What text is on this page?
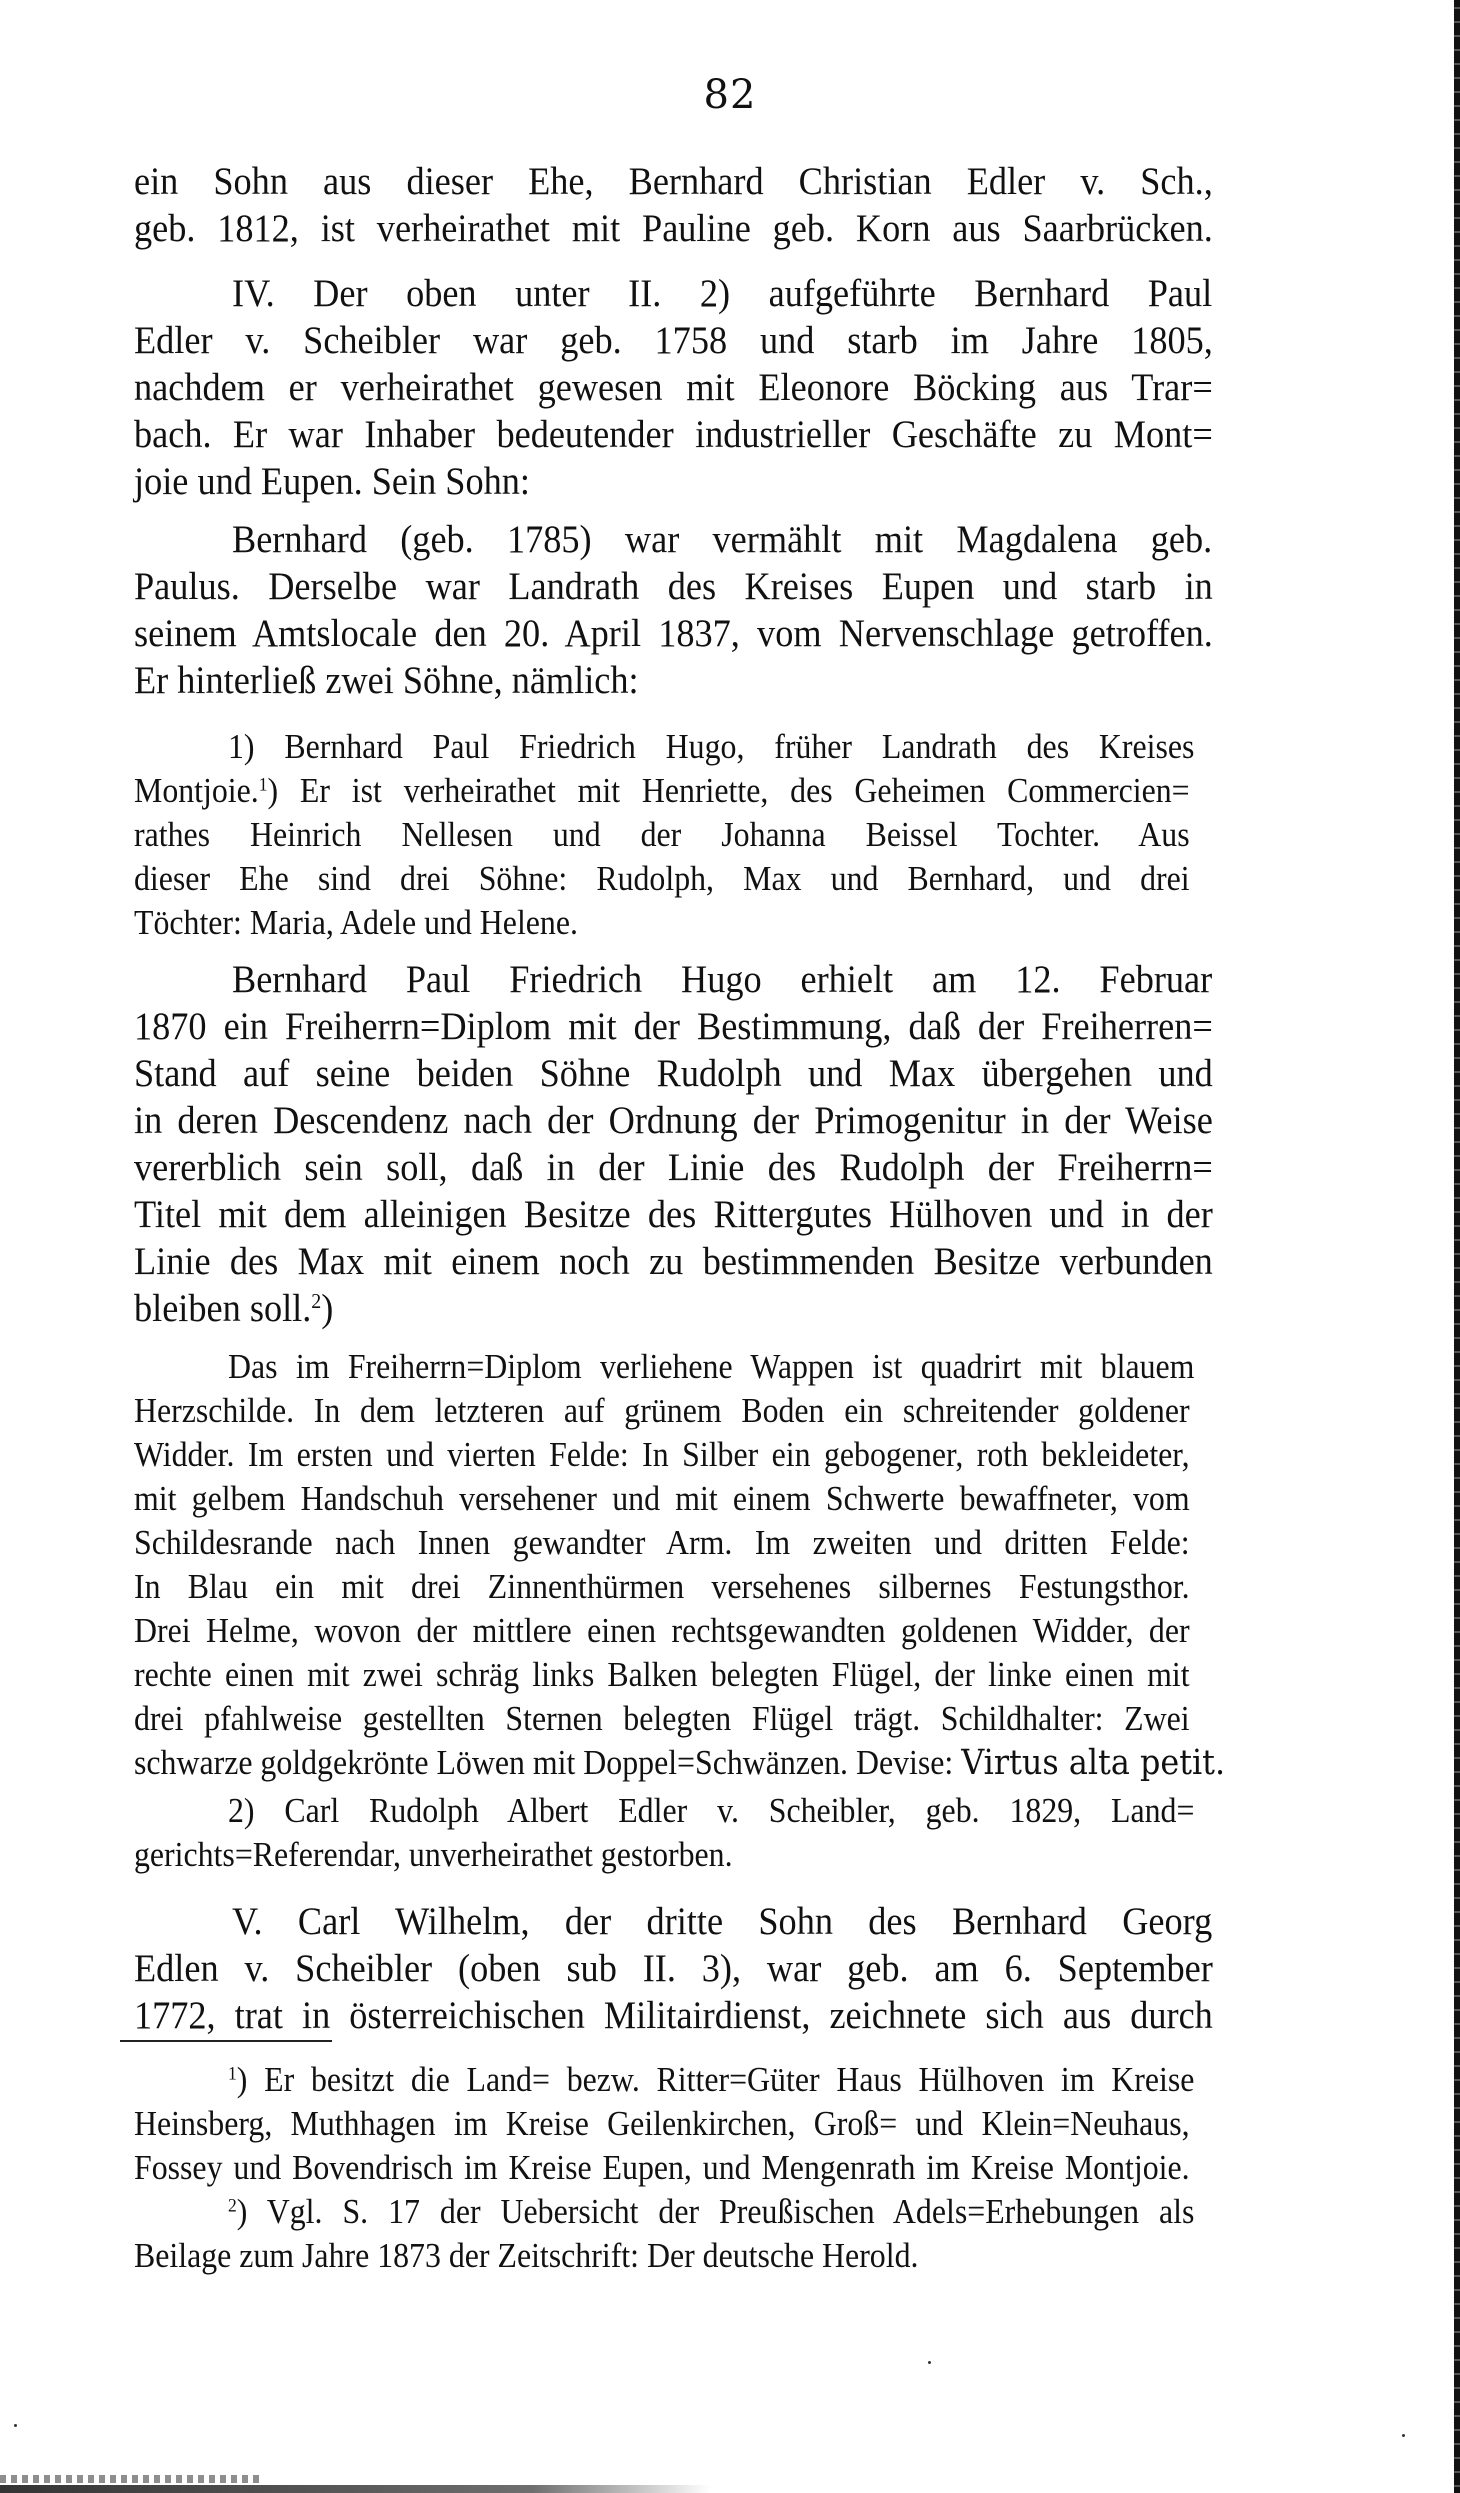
82
ein Sohn aus dieser Ehe, Bernhard Christian Edler v. Sch.,
geb. 1812, ist verheirathet mit Pauline geb. Korn aus Saarbrücken.
IV. Der oben unter II. 2) aufgeführte Bernhard Paul
Edler v. Scheibler war geb. 1758 und starb im Jahre 1805,
nachdem er verheirathet gewesen mit Eleonore Böcking aus Trar=
bach. Er war Inhaber bedeutender industrieller Geschäfte zu Mont=
joie und Eupen. Sein Sohn:
Bernhard (geb. 1785) war vermählt mit Magdalena geb.
Paulus. Derselbe war Landrath des Kreises Eupen und starb in
seinem Amtslocale den 20. April 1837, vom Nervenschlage getroffen.
Er hinterließ zwei Söhne, nämlich:
1) Bernhard Paul Friedrich Hugo, früher Landrath des Kreises
Montjoie.$^1$) Er ist verheirathet mit Henriette, des Geheimen Commercien=
rathes Heinrich Nellesen und der Johanna Beissel Tochter. Aus
dieser Ehe sind drei Söhne: Rudolph, Max und Bernhard, und drei
Töchter: Maria, Adele und Helene.
Bernhard Paul Friedrich Hugo erhielt am 12. Februar
1870 ein Freiherrn=Diplom mit der Bestimmung, daß der Freiherren=
Stand auf seine beiden Söhne Rudolph und Max übergehen und
in deren Descendenz nach der Ordnung der Primogenitur in der Weise
vererblich sein soll, daß in der Linie des Rudolph der Freiherrn=
Titel mit dem alleinigen Besitze des Rittergutes Hülhoven und in der
Linie des Max mit einem noch zu bestimmenden Besitze verbunden
bleiben soll.$^2$)
Das im Freiherrn=Diplom verliehene Wappen ist quadrirt mit blauem
Herzschilde. In dem letzteren auf grünem Boden ein schreitender goldener
Widder. Im ersten und vierten Felde: In Silber ein gebogener, roth bekleideter,
mit gelbem Handschuh versehener und mit einem Schwerte bewaffneter, vom
Schildesrande nach Innen gewandter Arm. Im zweiten und dritten Felde:
In Blau ein mit drei Zinnenthürmen versehenes silbernes Festungsthor.
Drei Helme, wovon der mittlere einen rechtsgewandten goldenen Widder, der
rechte einen mit zwei schräg links Balken belegten Flügel, der linke einen mit
drei pfahlweise gestellten Sternen belegten Flügel trägt. Schildhalter: Zwei
schwarze goldgekrönte Löwen mit Doppel=Schwänzen. Devise: Virtus alta petit.
2) Carl Rudolph Albert Edler v. Scheibler, geb. 1829, Land=
gerichts=Referendar, unverheirathet gestorben.
V. Carl Wilhelm, der dritte Sohn des Bernhard Georg
Edlen v. Scheibler (oben sub II. 3), war geb. am 6. September
1772, trat in österreichischen Militairdienst, zeichnete sich aus durch
$^1$) Er besitzt die Land= bezw. Ritter=Güter Haus Hülhoven im Kreise
Heinsberg, Muthhagen im Kreise Geilenkirchen, Groß= und Klein=Neuhaus,
Fossey und Bovendrisch im Kreise Eupen, und Mengenrath im Kreise Montjoie.
$^2$) Vgl. S. 17 der Uebersicht der Preußischen Adels=Erhebungen als
Beilage zum Jahre 1873 der Zeitschrift: Der deutsche Herold.
